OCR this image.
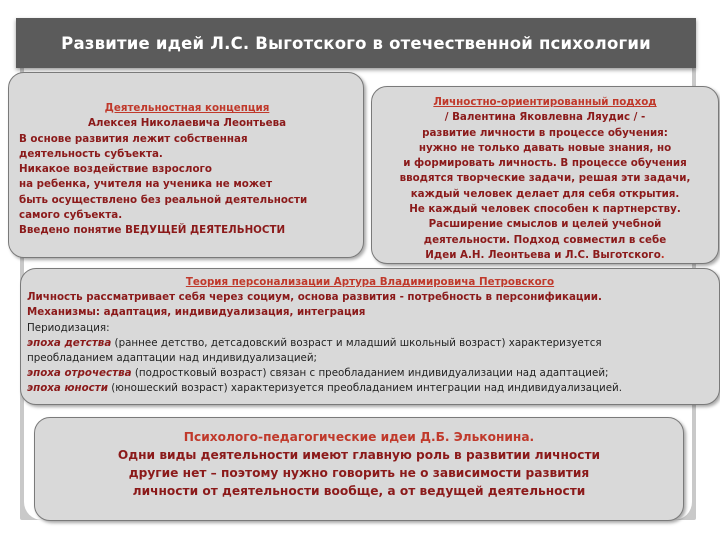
Развитие идей Л.С. Выготского в отечественной психологии
Деятельностная концепция
Алексея Николаевича Леонтьева
В основе развития лежит собственная
деятельность субъекта.
Никакое воздействие взрослого
на ребенка, учителя на ученика не может
быть осуществлено без реальной деятельности
самого субъекта.
Введено понятие ВЕДУЩЕЙ ДЕЯТЕЛЬНОСТИ
Личностно-ориентированный подход
/ Валентина Яковлевна Ляудис / -
развитие личности в процессе обучения:
нужно не только давать новые знания, но
и формировать личность. В процессе обучения
вводятся творческие задачи, решая эти задачи,
каждый человек делает для себя открытия.
Не каждый человек способен к партнерству.
Расширение смыслов и целей учебной
деятельности. Подход совместил в себе
Идеи А.Н. Леонтьева и Л.С. Выготского.
Теория персонализации Артура Владимировича Петровского
Личность рассматривает себя через социум, основа развития - потребность в персонификации.
Механизмы: адаптация, индивидуализация, интеграция
Периодизация:
эпоха детства (раннее детство, детсадовский возраст и младший школьный возраст) характеризуется
преобладанием адаптации над индивидуализацией;
эпоха отрочества (подростковый возраст) связан с преобладанием индивидуализации над адаптацией;
эпоха юности (юношеский возраст) характеризуется преобладанием интеграции над индивидуализацией.
Психолого-педагогические идеи Д.Б. Эльконина.
Одни виды деятельности имеют главную роль в развитии личности
другие нет – поэтому нужно говорить не о зависимости развития
личности от деятельности вообще, а от ведущей деятельности
